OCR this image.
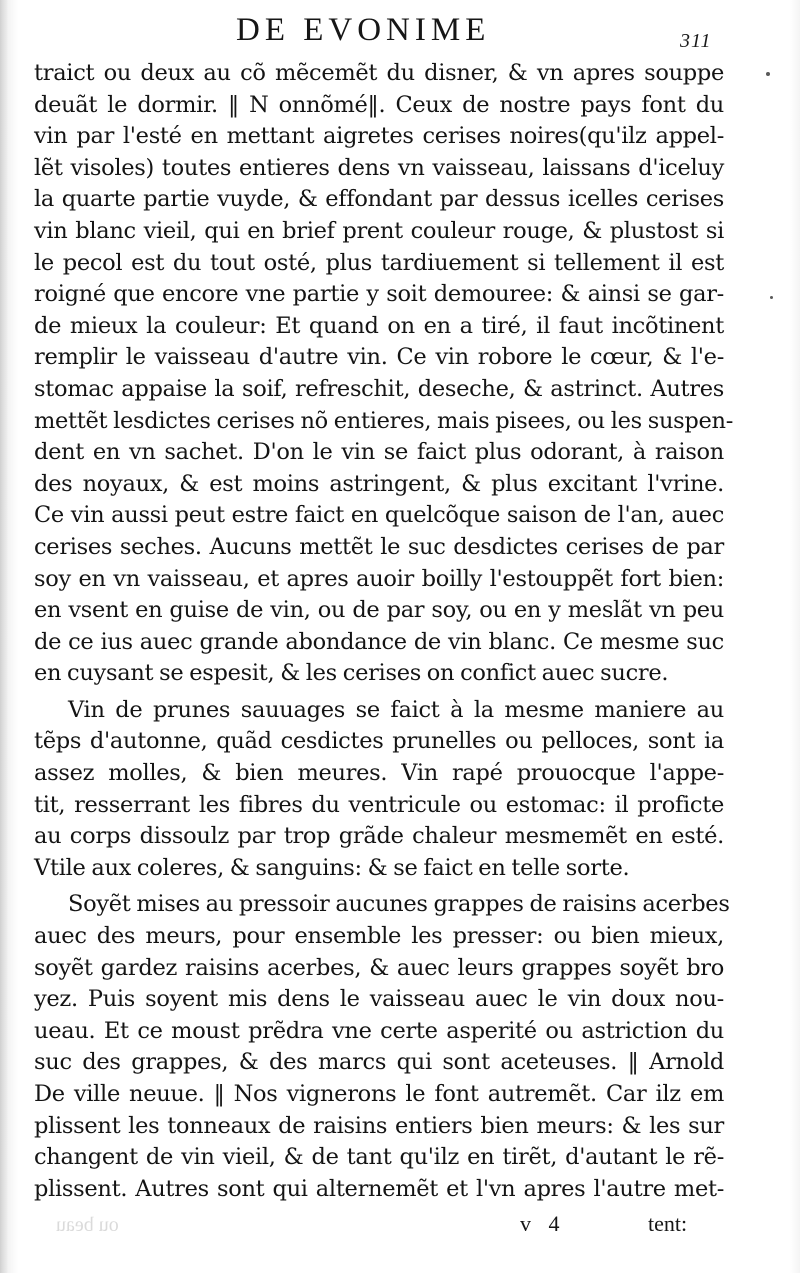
DE EVONIME	311
traict ou deux au cõ mẽcemẽt du disner, & vn apres souppe
deuãt le dormir. ‖ N onnõmé‖. Ceux de nostre pays font du
vin par l'esté en mettant aigretes cerises noires(qu'ilz appel-
lẽt visoles) toutes entieres dens vn vaisseau, laissans d'iceluy
la quarte partie vuyde, & effondant par dessus icelles cerises
vin blanc vieil, qui en brief prent couleur rouge, & plustost si
le pecol est du tout osté, plus tardiuement si tellement il est
roigné que encore vne partie y soit demouree: & ainsi se gar-
de mieux la couleur: Et quand on en a tiré, il faut incõtinent
remplir le vaisseau d'autre vin. Ce vin robore le cœur, & l'e-
stomac appaise la soif, refreschit, deseche, & astrinct. Autres
mettẽt lesdictes cerises nõ entieres, mais pisees, ou les suspen-
dent en vn sachet. D'on le vin se faict plus odorant, à raison
des noyaux, & est moins astringent, & plus excitant l'vrine.
Ce vin aussi peut estre faict en quelcõque saison de l'an, auec
cerises seches. Aucuns mettẽt le suc desdictes cerises de par
soy en vn vaisseau, et apres auoir boilly l'estouppẽt fort bien:
en vsent en guise de vin, ou de par soy, ou en y meslãt vn peu
de ce ius auec grande abondance de vin blanc. Ce mesme suc
en cuysant se espesit, & les cerises on confict auec sucre.
Vin de prunes sauuages se faict à la mesme maniere au
tẽps d'autonne, quãd cesdictes prunelles ou pelloces, sont ia
assez molles, & bien meures. Vin rapé prouocque l'appe-
tit, resserrant les fibres du ventricule ou estomac: il proficte
au corps dissoulz par trop grãde chaleur mesmemẽt en esté.
Vtile aux coleres, & sanguins: & se faict en telle sorte.
Soyẽt mises au pressoir aucunes grappes de raisins acerbes
auec des meurs, pour ensemble les presser: ou bien mieux,
soyẽt gardez raisins acerbes, & auec leurs grappes soyẽt bro
yez. Puis soyent mis dens le vaisseau auec le vin doux nou-
ueau. Et ce moust prẽdra vne certe asperité ou astriction du
suc des grappes, & des marcs qui sont aceteuses. ‖ Arnold
De ville neuue. ‖ Nos vignerons le font autremẽt. Car ilz em
plissent les tonneaux de raisins entiers bien meurs: & les sur
changent de vin vieil, & de tant qu'ilz en tirẽt, d'autant le rẽ-
plissent. Autres sont qui alternemẽt et l'vn apres l'autre met-
ou beau	v 4	tent:
